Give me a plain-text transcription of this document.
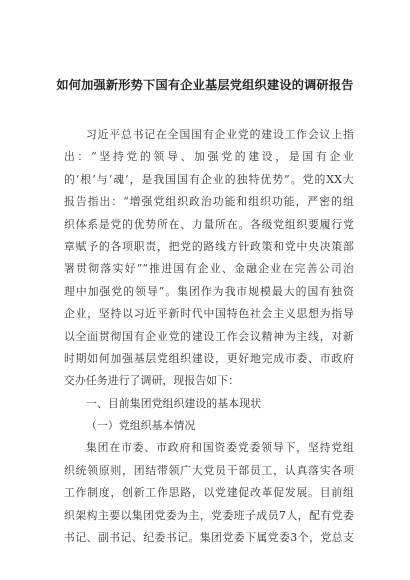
如何加强新形势下国有企业基层党组织建设的调研报告
习近平总书记在全国国有企业党的建设工作会议上指
出：“坚持党的领导、加强党的建设，是国有企业
的‘根’与‘魂’，是我国国有企业的独特优势”。党的XX大
报告指出：“增强党组织政治功能和组织功能，严密的组
织体系是党的优势所在、力量所在。各级党组织要履行党
章赋予的各项职责，把党的路线方针政策和党中央决策部
署贯彻落实好”“推进国有企业、金融企业在完善公司治
理中加强党的领导”。集团作为我市规模最大的国有独资
企业，坚持以习近平新时代中国特色社会主义思想为指导
以全面贯彻国有企业党的建设工作会议精神为主线，对新
时期如何加强基层党组织建设，更好地完成市委、市政府
交办任务进行了调研，现报告如下：
一、目前集团党组织建设的基本现状
（一）党组织基本情况
集团在市委、市政府和国资委党委领导下，坚持党组
织统领原则，团结带领广大党员干部员工，认真落实各项
工作制度，创新工作思路，以党建促改革促发展。目前组
织架构主要以集团党委为主，党委班子成员7人，配有党委
书记、副书记、纪委书记。集团党委下属党委3个，党总支
